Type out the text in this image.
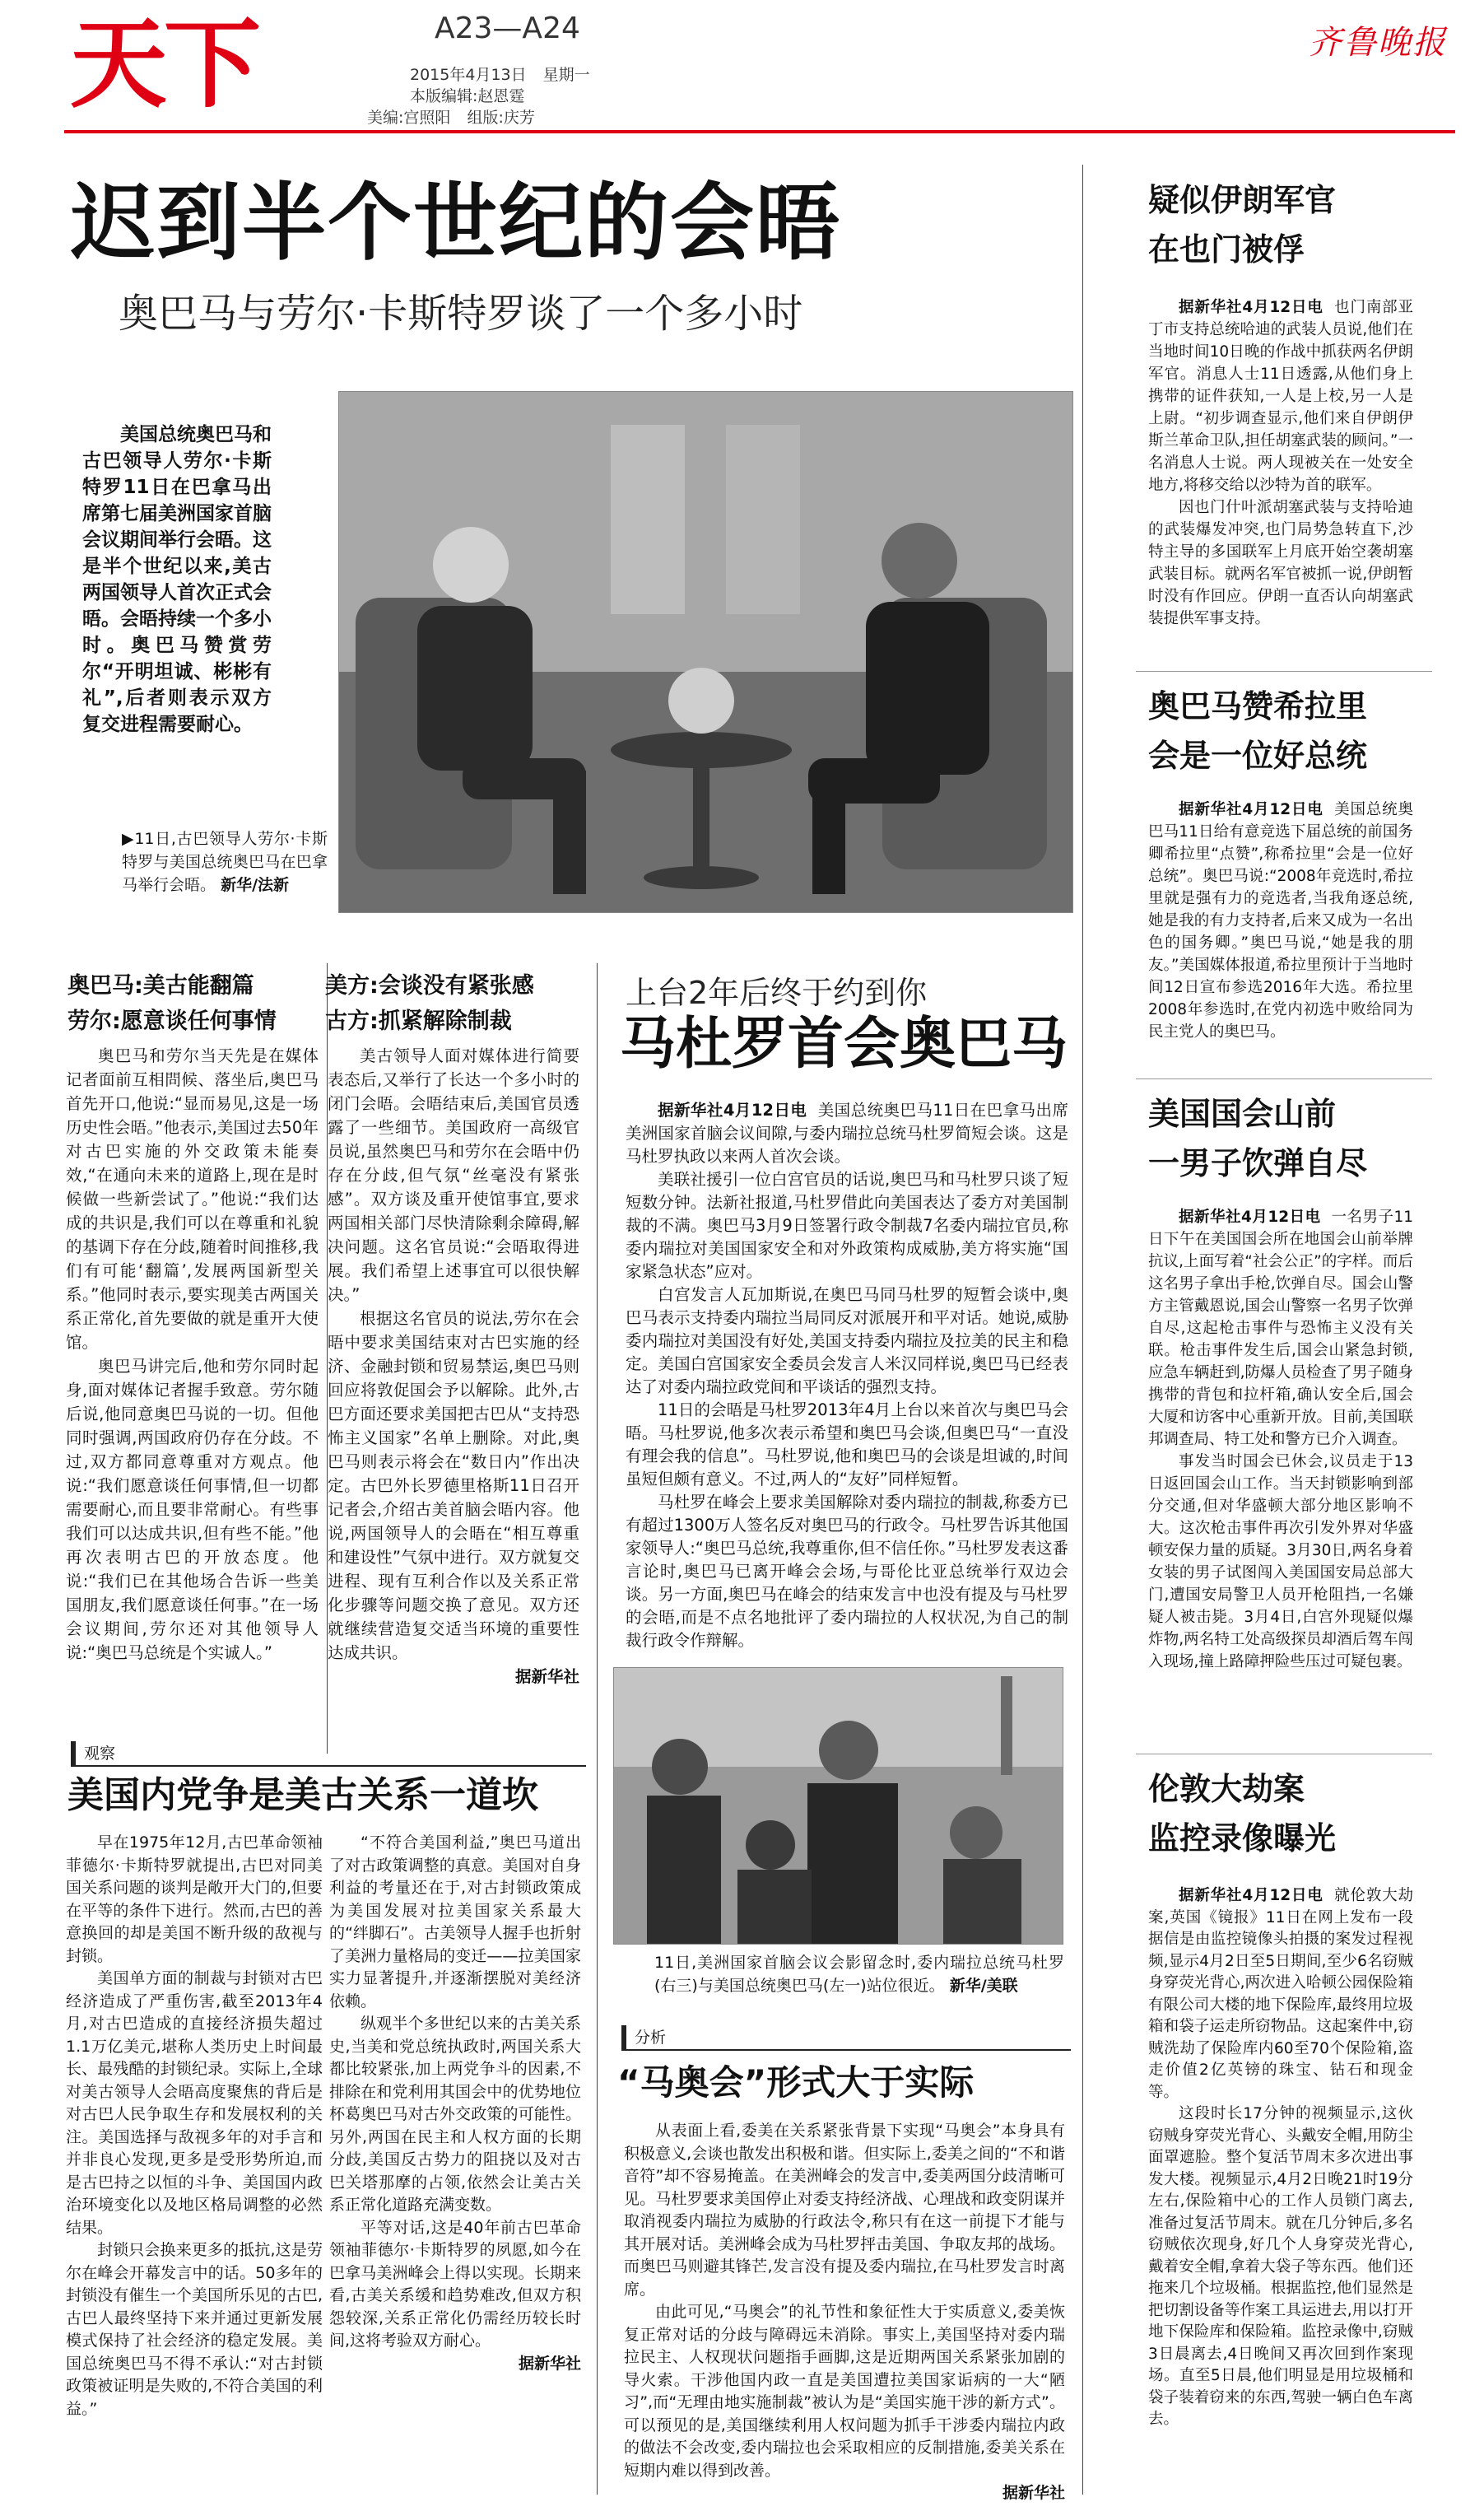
天下	A23—A24
2015年4月13日 星期一
本版编辑:赵恩霆
美编:宫照阳 组版:庆芳
齐鲁晚报
迟到半个世纪的会晤
奥巴马与劳尔·卡斯特罗谈了一个多小时
美国总统奥巴马和古巴领导人劳尔·卡斯特罗11日在巴拿马出席第七届美洲国家首脑会议期间举行会晤。这是半个世纪以来,美古两国领导人首次正式会晤。会晤持续一个多小时。奥巴马赞赏劳尔“开明坦诚、彬彬有礼”,后者则表示双方复交进程需要耐心。
▶11日,古巴领导人劳尔·卡斯特罗与美国总统奥巴马在巴拿马举行会晤。 新华/法新
奥巴马:美古能翻篇
劳尔:愿意谈任何事情

奥巴马和劳尔当天先是在媒体记者面前互相問候、落坐后,奥巴马首先开口,他说:“显而易见,这是一场历史性会晤。”他表示,美国过去50年对古巴实施的外交政策未能奏效,“在通向未来的道路上,现在是时候做一些新尝试了。”他说:“我们达成的共识是,我们可以在尊重和礼貌的基调下存在分歧,随着时间推移,我们有可能‘翻篇’,发展两国新型关系。”他同时表示,要实现美古两国关系正常化,首先要做的就是重开大使馆。

奥巴马讲完后,他和劳尔同时起身,面对媒体记者握手致意。劳尔随后说,他同意奥巴马说的一切。但他同时强调,两国政府仍存在分歧。不过,双方都同意尊重对方观点。他说:“我们愿意谈任何事情,但一切都需要耐心,而且要非常耐心。有些事我们可以达成共识,但有些不能。”他再次表明古巴的开放态度。他说:“我们已在其他场合告诉一些美国朋友,我们愿意谈任何事。”在一场会议期间,劳尔还对其他领导人说:“奥巴马总统是个实诚人。”

美方:会谈没有紧张感
古方:抓紧解除制裁

美古领导人面对媒体进行简要表态后,又举行了长达一个多小时的闭门会晤。会晤结束后,美国官员透露了一些细节。美国政府一高级官员说,虽然奥巴马和劳尔在会晤中仍存在分歧,但气氛“丝毫没有紧张感”。双方谈及重开使馆事宜,要求两国相关部门尽快清除剩余障碍,解决问题。这名官员说:“会晤取得进展。我们希望上述事宜可以很快解决。”

根据这名官员的说法,劳尔在会晤中要求美国结束对古巴实施的经济、金融封锁和贸易禁运,奥巴马则回应将敦促国会予以解除。此外,古巴方面还要求美国把古巴从“支持恐怖主义国家”名单上删除。对此,奥巴马则表示将会在“数日内”作出决定。古巴外长罗德里格斯11日召开记者会,介绍古美首脑会晤内容。他说,两国领导人的会晤在“相互尊重和建设性”气氛中进行。双方就复交进程、现有互利合作以及关系正常化步骤等问题交换了意见。双方还就继续营造复交适当环境的重要性达成共识。

据新华社
上台2年后终于约到你
马杜罗首会奥巴马

据新华社4月12日电 美国总统奥巴马11日在巴拿马出席美洲国家首脑会议间隙,与委内瑞拉总统马杜罗简短会谈。这是马杜罗执政以来两人首次会谈。

美联社援引一位白宫官员的话说,奥巴马和马杜罗只谈了短短数分钟。法新社报道,马杜罗借此向美国表达了委方对美国制裁的不满。奥巴马3月9日签署行政令制裁7名委内瑞拉官员,称委内瑞拉对美国国家安全和对外政策构成威胁,美方将实施“国家紧急状态”应对。

白宫发言人瓦加斯说,在奥巴马同马杜罗的短暂会谈中,奥巴马表示支持委内瑞拉当局同反对派展开和平对话。她说,威胁委内瑞拉对美国没有好处,美国支持委内瑞拉及拉美的民主和稳定。美国白宫国家安全委员会发言人米汉同样说,奥巴马已经表达了对委内瑞拉政党间和平谈话的强烈支持。

11日的会晤是马杜罗2013年4月上台以来首次与奥巴马会晤。马杜罗说,他多次表示希望和奥巴马会谈,但奥巴马“一直没有理会我的信息”。马杜罗说,他和奥巴马的会谈是坦诚的,时间虽短但颇有意义。不过,两人的“友好”同样短暂。

马杜罗在峰会上要求美国解除对委内瑞拉的制裁,称委方已有超过1300万人签名反对奥巴马的行政令。马杜罗告诉其他国家领导人:“奥巴马总统,我尊重你,但不信任你。”马杜罗发表这番言论时,奥巴马已离开峰会会场,与哥伦比亚总统举行双边会谈。另一方面,奥巴马在峰会的结束发言中也没有提及与马杜罗的会晤,而是不点名地批评了委内瑞拉的人权状况,为自己的制裁行政令作辩解。

11日,美洲国家首脑会议会影留念时,委内瑞拉总统马杜罗(右三)与美国总统奥巴马(左一)站位很近。 新华/美联
分析
“马奥会”形式大于实际

从表面上看,委美在关系紧张背景下实现“马奥会”本身具有积极意义,会谈也散发出积极和谐。但实际上,委美之间的“不和谐音符”却不容易掩盖。在美洲峰会的发言中,委美两国分歧清晰可见。马杜罗要求美国停止对委支持经济战、心理战和政变阴谋并取消视委内瑞拉为威胁的行政法令,称只有在这一前提下才能与其开展对话。美洲峰会成为马杜罗抨击美国、争取友邦的战场。而奥巴马则避其锋芒,发言没有提及委内瑞拉,在马杜罗发言时离席。

由此可见,“马奥会”的礼节性和象征性大于实质意义,委美恢复正常对话的分歧与障碍远未消除。事实上,美国坚持对委内瑞拉民主、人权现状问题指手画脚,这是近期两国关系紧张加剧的导火索。干涉他国内政一直是美国遭拉美国家诟病的一大“陋习”,而“无理由地实施制裁”被认为是“美国实施干涉的新方式”。可以预见的是,美国继续利用人权问题为抓手干涉委内瑞拉内政的做法不会改变,委内瑞拉也会采取相应的反制措施,委美关系在短期内难以得到改善。

据新华社
观察
美国内党争是美古关系一道坎

早在1975年12月,古巴革命领袖菲德尔·卡斯特罗就提出,古巴对同美国关系问题的谈判是敞开大门的,但要在平等的条件下进行。然而,古巴的善意换回的却是美国不断升级的敌视与封锁。

美国单方面的制裁与封锁对古巴经济造成了严重伤害,截至2013年4月,对古巴造成的直接经济损失超过1.1万亿美元,堪称人类历史上时间最长、最残酷的封锁纪录。实际上,全球对美古领导人会晤高度聚焦的背后是对古巴人民争取生存和发展权利的关注。美国选择与敌视多年的对手言和并非良心发现,更多是受形势所迫,而是古巴持之以恒的斗争、美国国内政治环境变化以及地区格局调整的必然结果。

封锁只会换来更多的抵抗,这是劳尔在峰会开幕发言中的话。50多年的封锁没有催生一个美国所乐见的古巴,古巴人最终坚持下来并通过更新发展模式保持了社会经济的稳定发展。美国总统奥巴马不得不承认:“对古封锁政策被证明是失败的,不符合美国的利益。”

“不符合美国利益,”奥巴马道出了对古政策调整的真意。美国对自身利益的考量还在于,对古封锁政策成为美国发展对拉美国家关系最大的“绊脚石”。古美领导人握手也折射了美洲力量格局的变迁——拉美国家实力显著提升,并逐渐摆脱对美经济依赖。

纵观半个多世纪以来的古美关系史,当美和党总统执政时,两国关系大都比较紧张,加上两党争斗的因素,不排除在和党利用其国会中的优势地位杯葛奥巴马对古外交政策的可能性。另外,两国在民主和人权方面的长期分歧,美国反古势力的阻挠以及对古巴关塔那摩的占领,依然会让美古关系正常化道路充满变数。

平等对话,这是40年前古巴革命领袖菲德尔·卡斯特罗的夙愿,如今在巴拿马美洲峰会上得以实现。长期来看,古美关系缓和趋势难改,但双方积怨较深,关系正常化仍需经历较长时间,这将考验双方耐心。

据新华社
疑似伊朗军官
在也门被俘

据新华社4月12日电 也门南部亚丁市支持总统哈迪的武装人员说,他们在当地时间10日晚的作战中抓获两名伊朗军官。消息人士11日透露,从他们身上携带的证件获知,一人是上校,另一人是上尉。“初步调查显示,他们来自伊朗伊斯兰革命卫队,担任胡塞武装的顾问。”一名消息人士说。两人现被关在一处安全地方,将移交给以沙特为首的联军。

因也门什叶派胡塞武装与支持哈迪的武装爆发冲突,也门局势急转直下,沙特主导的多国联军上月底开始空袭胡塞武装目标。就两名军官被抓一说,伊朗暂时没有作回应。伊朗一直否认向胡塞武装提供军事支持。

奥巴马赞希拉里
会是一位好总统

据新华社4月12日电 美国总统奥巴马11日给有意竞选下届总统的前国务卿希拉里“点赞”,称希拉里“会是一位好总统”。奥巴马说:“2008年竞选时,希拉里就是强有力的竞选者,当我角逐总统,她是我的有力支持者,后来又成为一名出色的国务卿。”奥巴马说,“她是我的朋友。”美国媒体报道,希拉里预计于当地时间12日宣布参选2016年大选。希拉里2008年参选时,在党内初选中败给同为民主党人的奥巴马。

美国国会山前
一男子饮弹自尽

据新华社4月12日电 一名男子11日下午在美国国会所在地国会山前举牌抗议,上面写着“社会公正”的字样。而后这名男子拿出手枪,饮弹自尽。国会山警方主管戴恩说,国会山警察一名男子饮弹自尽,这起枪击事件与恐怖主义没有关联。枪击事件发生后,国会山紧急封锁,应急车辆赶到,防爆人员检查了男子随身携带的背包和拉杆箱,确认安全后,国会大厦和访客中心重新开放。目前,美国联邦调查局、特工处和警方已介入调查。

事发当时国会已休会,议员走于13日返回国会山工作。当天封锁影响到部分交通,但对华盛顿大部分地区影响不大。这次枪击事件再次引发外界对华盛顿安保力量的质疑。3月30日,两名身着女装的男子试图闯入美国国安局总部大门,遭国安局警卫人员开枪阻挡,一名嫌疑人被击毙。3月4日,白宫外现疑似爆炸物,两名特工处高级探员却酒后驾车闯入现场,撞上路障押险些压过可疑包裹。

伦敦大劫案
监控录像曝光

据新华社4月12日电 就伦敦大劫案,英国《镜报》11日在网上发布一段据信是由监控镜像头拍摄的案发过程视频,显示4月2日至5日期间,至少6名窃贼身穿荧光背心,两次进入哈顿公园保险箱有限公司大楼的地下保险库,最终用垃圾箱和袋子运走所窃物品。这起案件中,窃贼洗劫了保险库内60至70个保险箱,盗走价值2亿英镑的珠宝、钻石和现金等。

这段时长17分钟的视频显示,这伙窃贼身穿荧光背心、头戴安全帽,用防尘面罩遮脸。整个复活节周末多次进出事发大楼。视频显示,4月2日晚21时19分左右,保险箱中心的工作人员锁门离去,准备过复活节周末。就在几分钟后,多名窃贼依次现身,好几个人身穿荧光背心,戴着安全帽,拿着大袋子等东西。他们还拖来几个垃圾桶。根据监控,他们显然是把切割设备等作案工具运进去,用以打开地下保险库和保险箱。监控录像中,窃贼3日晨离去,4日晚间又再次回到作案现场。直至5日晨,他们明显是用垃圾桶和袋子装着窃来的东西,驾驶一辆白色车离去。
